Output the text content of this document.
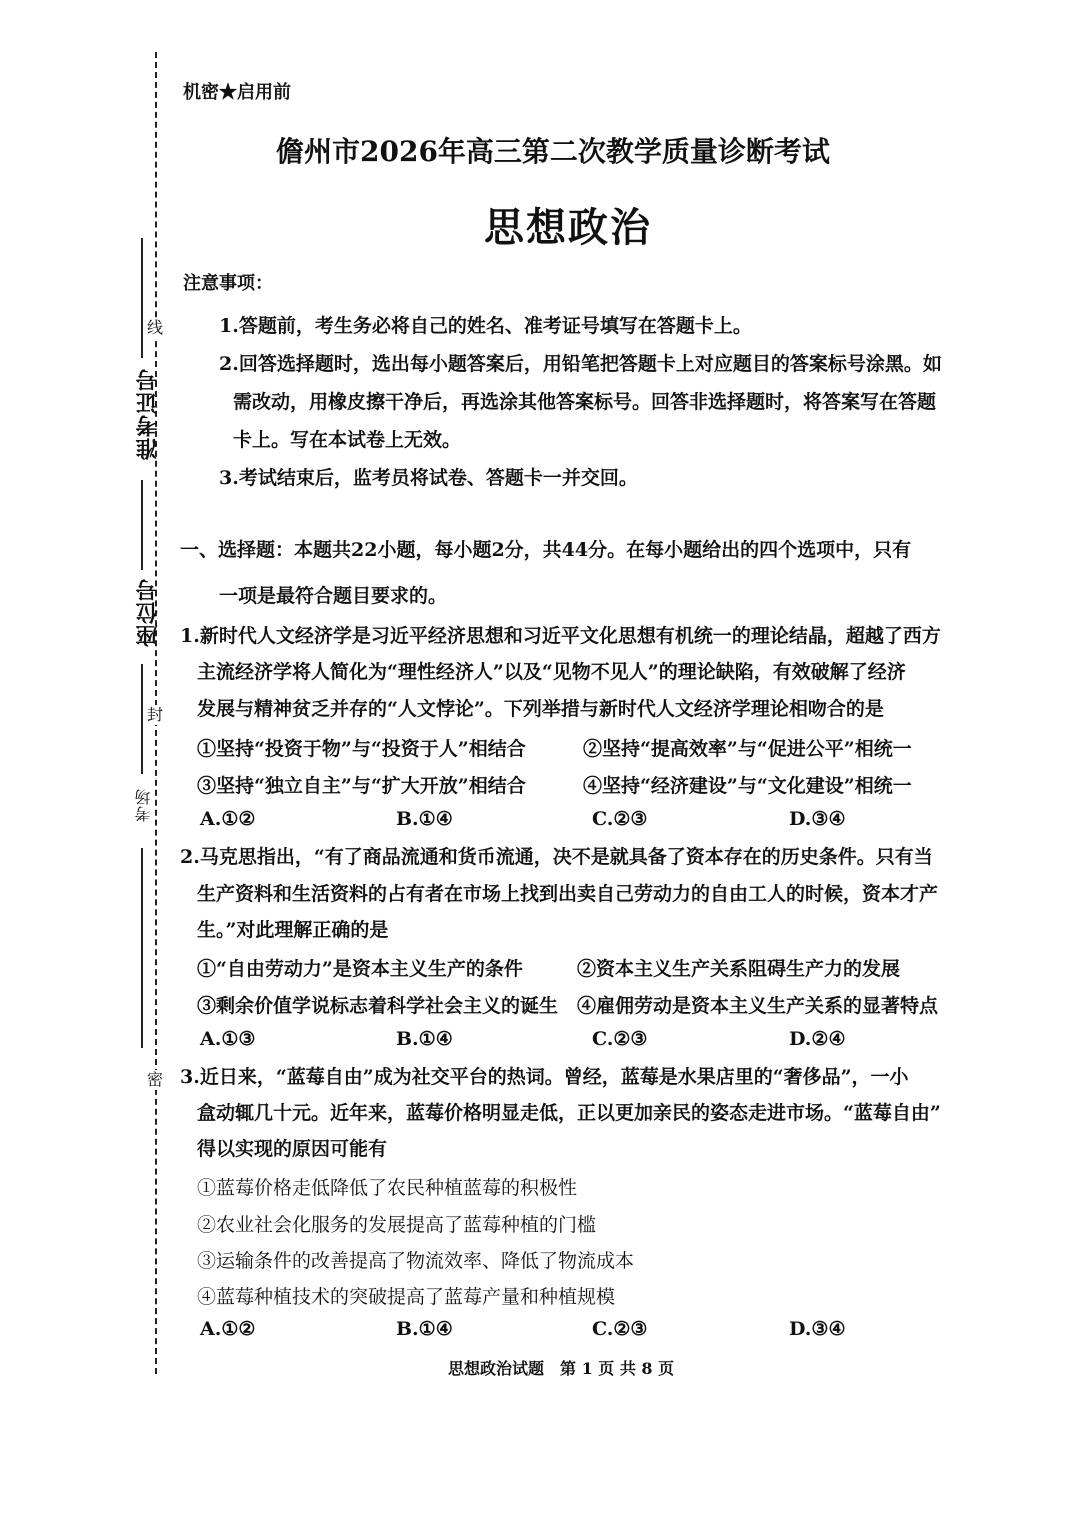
线
封
密
准考证号
座位号
考场
机密★启用前
儋州市2026年高三第二次教学质量诊断考试
思想政治
注意事项：
1.答题前，考生务必将自己的姓名、准考证号填写在答题卡上。
2.回答选择题时，选出每小题答案后，用铅笔把答题卡上对应题目的答案标号涂黑。如
需改动，用橡皮擦干净后，再选涂其他答案标号。回答非选择题时，将答案写在答题
卡上。写在本试卷上无效。
3.考试结束后，监考员将试卷、答题卡一并交回。
一、选择题：本题共22小题，每小题2分，共44分。在每小题给出的四个选项中，只有
一项是最符合题目要求的。
1.新时代人文经济学是习近平经济思想和习近平文化思想有机统一的理论结晶，超越了西方
主流经济学将人简化为“理性经济人”以及“见物不见人”的理论缺陷，有效破解了经济
发展与精神贫乏并存的“人文悖论”。下列举措与新时代人文经济学理论相吻合的是
①坚持“投资于物”与“投资于人”相结合	②坚持“提高效率”与“促进公平”相统一
③坚持“独立自主”与“扩大开放”相结合	④坚持“经济建设”与“文化建设”相统一
A.①②	B.①④	C.②③	D.③④
2.马克思指出，“有了商品流通和货币流通，决不是就具备了资本存在的历史条件。只有当
生产资料和生活资料的占有者在市场上找到出卖自己劳动力的自由工人的时候，资本才产
生。”对此理解正确的是
①“自由劳动力”是资本主义生产的条件	②资本主义生产关系阻碍生产力的发展
③剩余价值学说标志着科学社会主义的诞生 ④雇佣劳动是资本主义生产关系的显著特点
A.①③	B.①④	C.②③	D.②④
3.近日来，“蓝莓自由”成为社交平台的热词。曾经，蓝莓是水果店里的“奢侈品”，一小
盒动辄几十元。近年来，蓝莓价格明显走低，正以更加亲民的姿态走进市场。“蓝莓自由”
得以实现的原因可能有
①蓝莓价格走低降低了农民种植蓝莓的积极性
②农业社会化服务的发展提高了蓝莓种植的门槛
③运输条件的改善提高了物流效率、降低了物流成本
④蓝莓种植技术的突破提高了蓝莓产量和种植规模
A.①②	B.①④	C.②③	D.③④
思想政治试题　第 1 页 共 8 页
